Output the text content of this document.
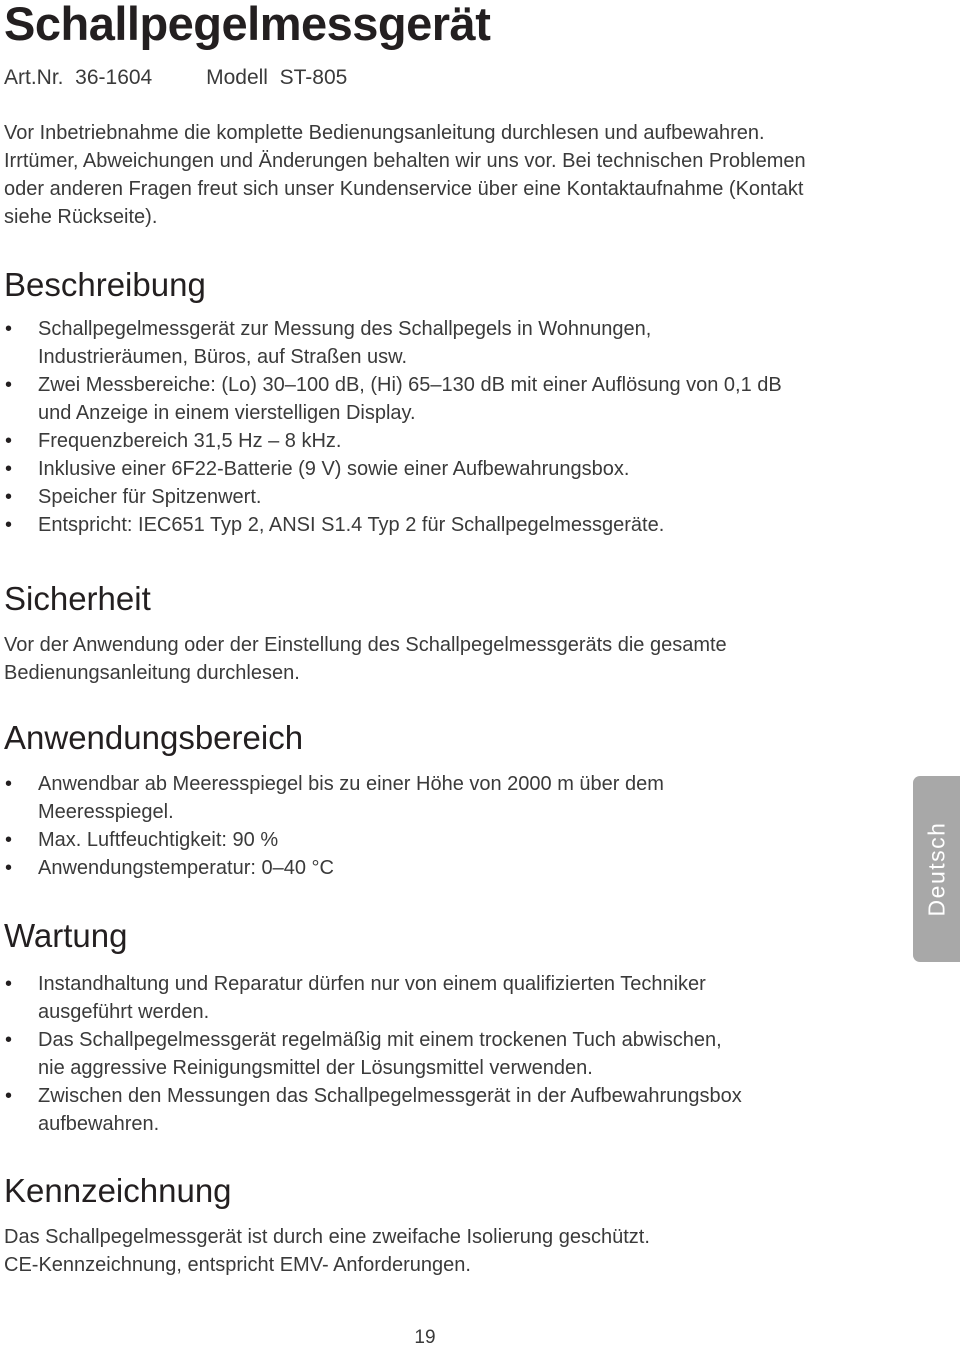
Schallpegelmessgerät
Art.Nr.  36-1604	Modell  ST-805

Vor Inbetriebnahme die komplette Bedienungsanleitung durchlesen und aufbewahren.

Irrtümer, Abweichungen und Änderungen behalten wir uns vor. Bei technischen Problemen

oder anderen Fragen freut sich unser Kundenservice über eine Kontaktaufnahme (Kontakt

siehe Rückseite).

Beschreibung
• Schallpegelmessgerät zur Messung des Schallpegels in Wohnungen,
Industrieräumen, Büros, auf Straßen usw.
• Zwei Messbereiche: (Lo) 30–100 dB, (Hi) 65–130 dB mit einer Auflösung von 0,1 dB
und Anzeige in einem vierstelligen Display.
• Frequenzbereich 31,5 Hz – 8 kHz.
• Inklusive einer 6F22-Batterie (9 V) sowie einer Aufbewahrungsbox.
• Speicher für Spitzenwert.
• Entspricht: IEC651 Typ 2, ANSI S1.4 Typ 2 für Schallpegelmessgeräte.
Sicherheit

Vor der Anwendung oder der Einstellung des Schallpegelmessgeräts die gesamte

Bedienungsanleitung durchlesen.

Anwendungsbereich
• Anwendbar ab Meeresspiegel bis zu einer Höhe von 2000 m über dem
Meeresspiegel.
• Max. Luftfeuchtigkeit: 90 %
• Anwendungstemperatur: 0–40 °C
Wartung
• Instandhaltung und Reparatur dürfen nur von einem qualifizierten Techniker
ausgeführt werden.
• Das Schallpegelmessgerät regelmäßig mit einem trockenen Tuch abwischen,
nie aggressive Reinigungsmittel der Lösungsmittel verwenden.
• Zwischen den Messungen das Schallpegelmessgerät in der Aufbewahrungsbox
aufbewahren.
Kennzeichnung

Das Schallpegelmessgerät ist durch eine zweifache Isolierung geschützt.

CE-Kennzeichnung, entspricht EMV- Anforderungen.

Deutsch
19
